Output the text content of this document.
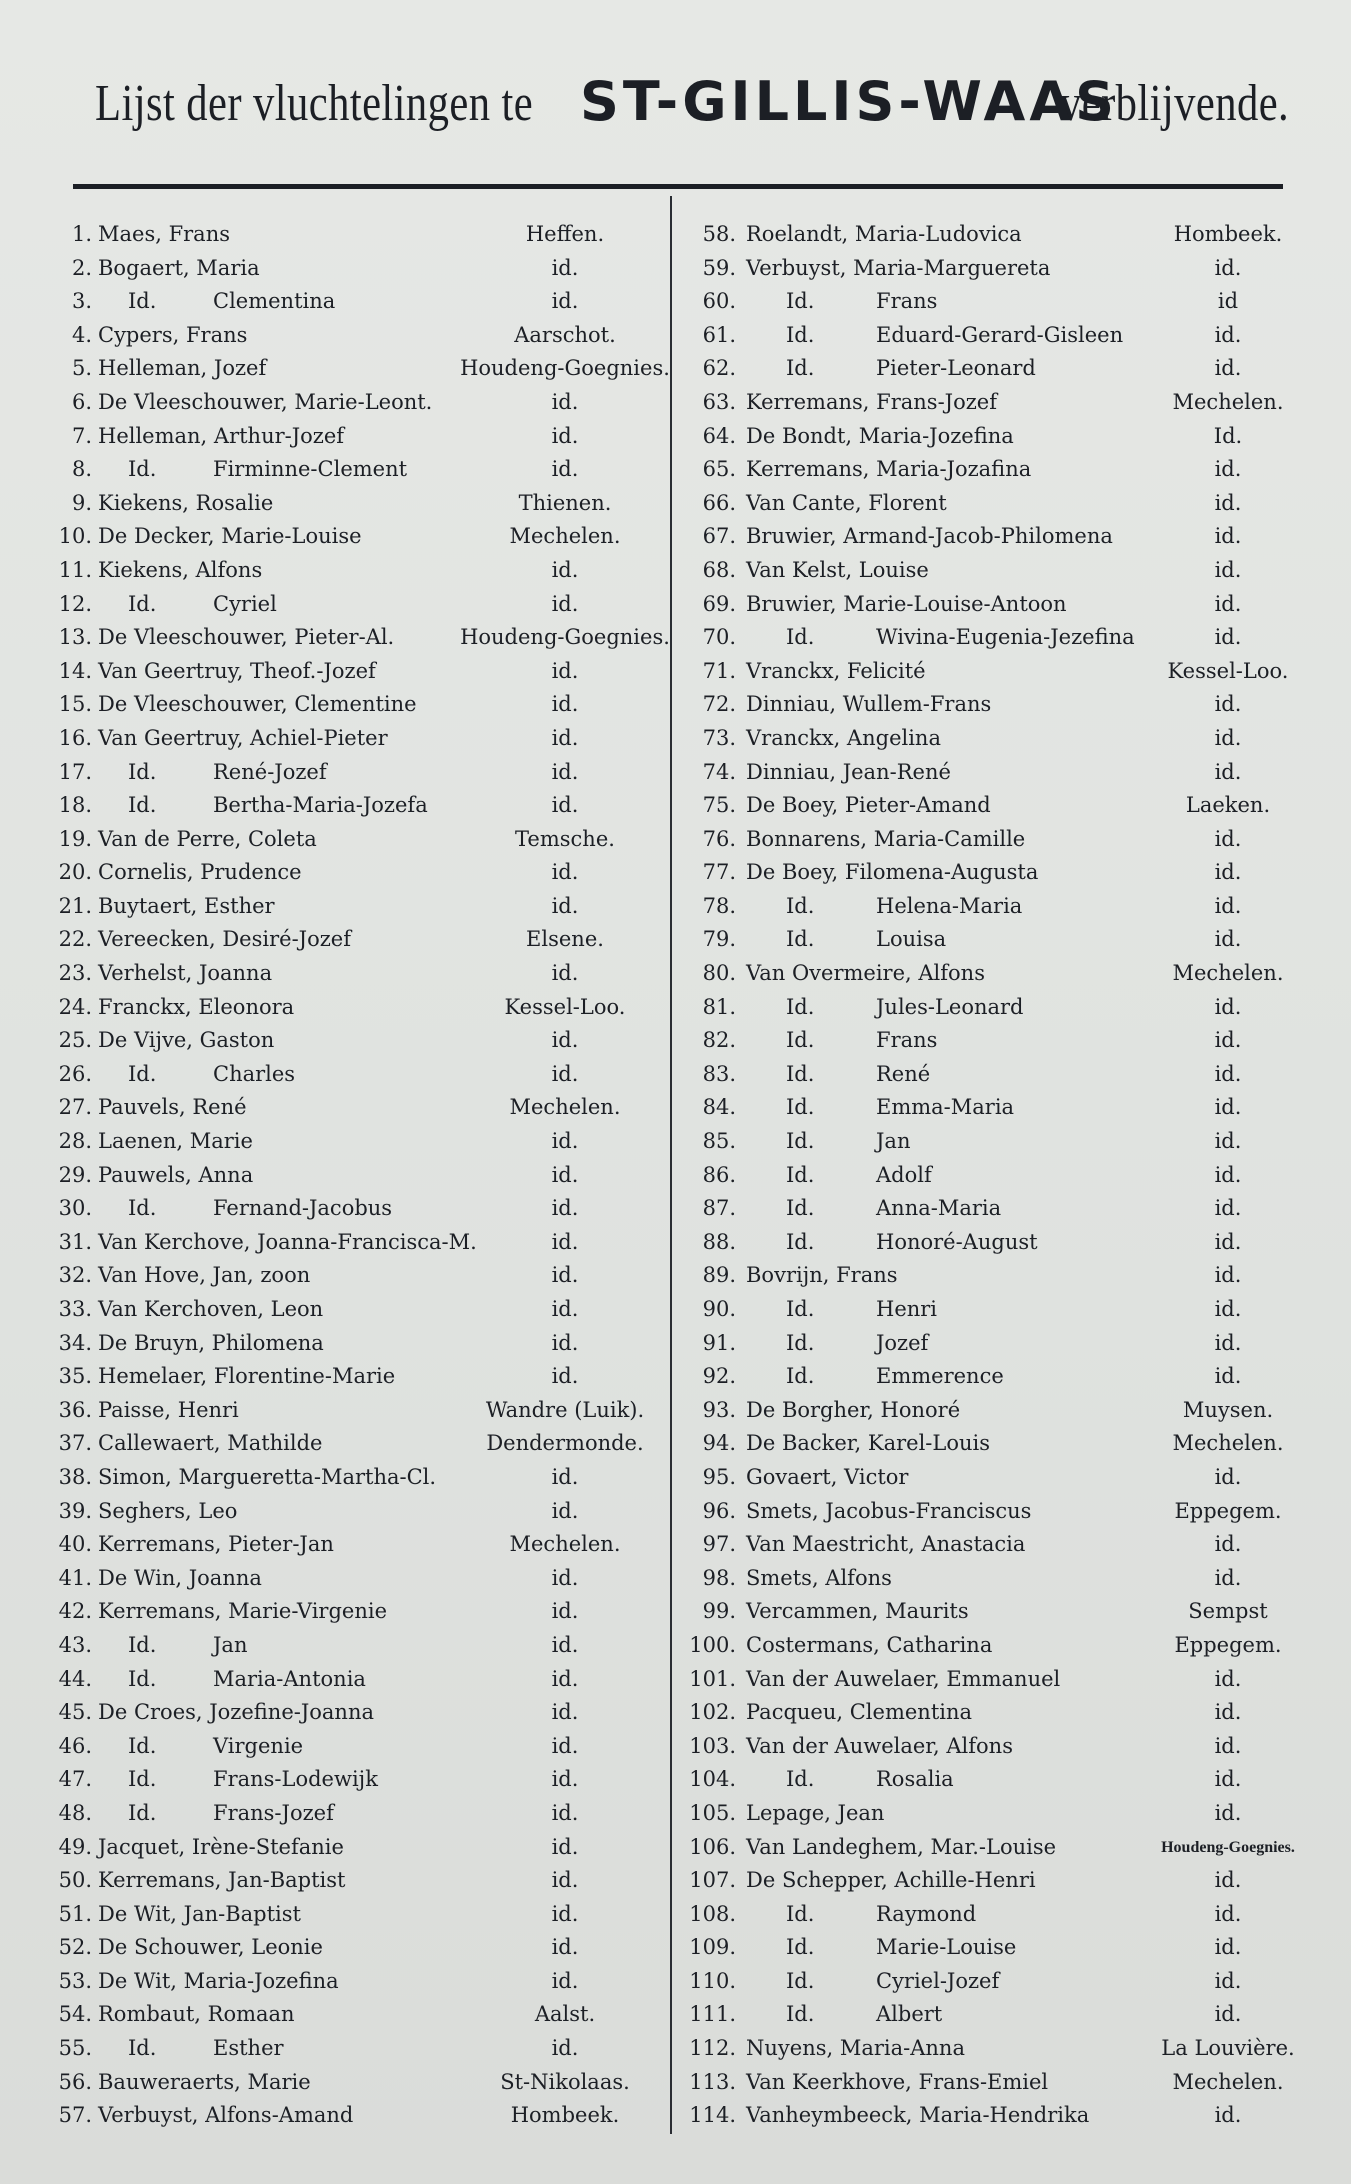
Lijst der vluchtelingen te ST-GILLIS-WAAS
verblijvende.
1. Maes, Frans	Heffen.
2. Bogaert, Maria	id.
3.	Id.	Clementina	id.
4. Cypers, Frans	Aarschot.
5. Helleman, Jozef	Houdeng-Goegnies.
6. De Vleeschouwer, Marie-Leont.	id.
7. Helleman, Arthur-Jozef	id.
8.	Id.	Firminne-Clement	id.
9. Kiekens, Rosalie	Thienen.
10. De Decker, Marie-Louise	Mechelen.
11. Kiekens, Alfons	id.
12.	Id.	Cyriel	id.
13. De Vleeschouwer, Pieter-Al.	Houdeng-Goegnies.
14. Van Geertruy, Theof.-Jozef	id.
15. De Vleeschouwer, Clementine	id.
16. Van Geertruy, Achiel-Pieter	id.
17.	Id.	René-Jozef	id.
18.	Id.	Bertha-Maria-Jozefa	id.
19. Van de Perre, Coleta	Temsche.
20. Cornelis, Prudence	id.
21. Buytaert, Esther	id.
22. Vereecken, Desiré-Jozef	Elsene.
23. Verhelst, Joanna	id.
24. Franckx, Eleonora	Kessel-Loo.
25. De Vijve, Gaston	id.
26.	Id.	Charles	id.
27. Pauvels, René	Mechelen.
28. Laenen, Marie	id.
29. Pauwels, Anna	id.
30.	Id.	Fernand-Jacobus	id.
31. Van Kerchove, Joanna-Francisca-M.	id.
32. Van Hove, Jan, zoon	id.
33. Van Kerchoven, Leon	id.
34. De Bruyn, Philomena	id.
35. Hemelaer, Florentine-Marie	id.
36. Paisse, Henri	Wandre (Luik).
37. Callewaert, Mathilde	Dendermonde.
38. Simon, Margueretta-Martha-Cl.	id.
39. Seghers, Leo	id.
40. Kerremans, Pieter-Jan	Mechelen.
41. De Win, Joanna	id.
42. Kerremans, Marie-Virgenie	id.
43.	Id.	Jan	id.
44.	Id.	Maria-Antonia	id.
45. De Croes, Jozefine-Joanna	id.
46.	Id.	Virgenie	id.
47.	Id.	Frans-Lodewijk	id.
48.	Id.	Frans-Jozef	id.
49. Jacquet, Irène-Stefanie	id.
50. Kerremans, Jan-Baptist	id.
51. De Wit, Jan-Baptist	id.
52. De Schouwer, Leonie	id.
53. De Wit, Maria-Jozefina	id.
54. Rombaut, Romaan	Aalst.
55.	Id.	Esther	id.
56. Bauweraerts, Marie	St-Nikolaas.
57. Verbuyst, Alfons-Amand	Hombeek.
58. Roelandt, Maria-Ludovica	Hombeek.
59. Verbuyst, Maria-Marguereta	id.
60.	Id.	Frans	id
61.	Id.	Eduard-Gerard-Gisleen	id.
62.	Id.	Pieter-Leonard	id.
63. Kerremans, Frans-Jozef	Mechelen.
64. De Bondt, Maria-Jozefina	Id.
65. Kerremans, Maria-Jozafina	id.
66. Van Cante, Florent	id.
67. Bruwier, Armand-Jacob-Philomena	id.
68. Van Kelst, Louise	id.
69. Bruwier, Marie-Louise-Antoon	id.
70.	Id.	Wivina-Eugenia-Jezefina	id.
71. Vranckx, Felicité	Kessel-Loo.
72. Dinniau, Wullem-Frans	id.
73. Vranckx, Angelina	id.
74. Dinniau, Jean-René	id.
75. De Boey, Pieter-Amand	Laeken.
76. Bonnarens, Maria-Camille	id.
77. De Boey, Filomena-Augusta	id.
78.	Id.	Helena-Maria	id.
79.	Id.	Louisa	id.
80. Van Overmeire, Alfons	Mechelen.
81.	Id.	Jules-Leonard	id.
82.	Id.	Frans	id.
83.	Id.	René	id.
84.	Id.	Emma-Maria	id.
85.	Id.	Jan	id.
86.	Id.	Adolf	id.
87.	Id.	Anna-Maria	id.
88.	Id.	Honoré-August	id.
89. Bovrijn, Frans	id.
90.	Id.	Henri	id.
91.	Id.	Jozef	id.
92.	Id.	Emmerence	id.
93. De Borgher, Honoré	Muysen.
94. De Backer, Karel-Louis	Mechelen.
95. Govaert, Victor	id.
96. Smets, Jacobus-Franciscus	Eppegem.
97. Van Maestricht, Anastacia	id.
98. Smets, Alfons	id.
99. Vercammen, Maurits	Sempst
100. Costermans, Catharina	Eppegem.
101. Van der Auwelaer, Emmanuel	id.
102. Pacqueu, Clementina	id.
103. Van der Auwelaer, Alfons	id.
104.	Id.	Rosalia	id.
105. Lepage, Jean	id.
106. Van Landeghem, Mar.-Louise	Houdeng-Goegnies.
107. De Schepper, Achille-Henri	id.
108.	Id.	Raymond	id.
109.	Id.	Marie-Louise	id.
110.	Id.	Cyriel-Jozef	id.
111.	Id.	Albert	id.
112. Nuyens, Maria-Anna	La Louvière.
113. Van Keerkhove, Frans-Emiel	Mechelen.
114. Vanheymbeeck, Maria-Hendrika	id.
